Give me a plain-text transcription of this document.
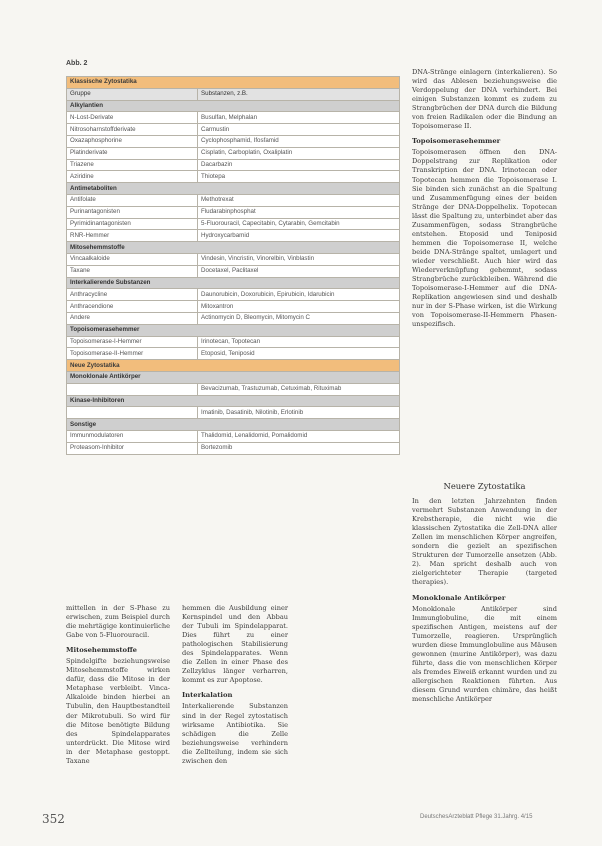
Abb. 2
Klassische Zytostatika	
Gruppe	Substanzen, z.B.
Alkylantien	
N-Lost-Derivate	Busulfan, Melphalan
Nitrosoharnstoffderivate	Carmustin
Oxazaphosphorine	Cyclophosphamid, Ifosfamid
Platinderivate	Cisplatin, Carboplatin, Oxaliplatin
Triazene	Dacarbazin
Aziridine	Thiotepa
Antimetaboliten	
Antifolate	Methotrexat
Purinantagonisten	Fludarabinphosphat
Pyrimidinantagonisten	5-Fluorouracil, Capecitabin, Cytarabin, Gemcitabin
RNR-Hemmer	Hydroxycarbamid
Mitosehemmstoffe	
Vincaalkaloide	Vindesin, Vincristin, Vinorelbin, Vinblastin
Taxane	Docetaxel, Paclitaxel
Interkalierende Substanzen	
Anthracycline	Daunorubicin, Doxorubicin, Epirubicin, Idarubicin
Anthracendione	Mitoxantron
Andere	Actinomycin D, Bleomycin, Mitomycin C
Topoisomerasehemmer	
Topoisomerase-I-Hemmer	Irinotecan, Topotecan
Topoisomerase-II-Hemmer	Etoposid, Teniposid
Neue Zytostatika	
Monoklonale Antikörper	
	Bevacizumab, Trastuzumab, Cetuximab, Rituximab
Kinase-Inhibitoren	
	Imatinib, Dasatinib, Nilotinib, Erlotinib
Sonstige	
Immunmodulatoren	Thalidomid, Lenalidomid, Pomalidomid
Proteasom-Inhibitor	Bortezomib

DNA-Stränge einlagern (interkalieren). So wird das Ablesen beziehungsweise die Verdoppelung der DNA verhindert. Bei einigen Substanzen kommt es zudem zu Strangbrüchen der DNA durch die Bildung von freien Radikalen oder die Bindung an Topoisomerase II.

Topoisomerasehemmer

Topoisomerasen öffnen den DNA-Doppelstrang zur Replikation oder Transkription der DNA. Irinotecan oder Topotecan hemmen die Topoisomerase I. Sie binden sich zunächst an die Spaltung und Zusammenfügung eines der beiden Stränge der DNA-Doppelhelix. Topotecan lässt die Spaltung zu, unterbindet aber das Zusammenfügen, sodass Strangbrüche entstehen. Etoposid und Teniposid hemmen die Topoisomerase II, welche beide DNA-Stränge spaltet, umlagert und wieder verschließt. Auch hier wird das Wiederverknüpfung gehemmt, sodass Strangbrüche zurückbleiben. Während die Topoisomerase-I-Hemmer auf die DNA-Replikation angewiesen sind und deshalb nur in der S-Phase wirken, ist die Wirkung von Topoisomerase-II-Hemmern Phasen-unspezifisch.

Neuere Zytostatika

In den letzten Jahrzehnten finden vermehrt Substanzen Anwendung in der Krebstherapie, die nicht wie die klassischen Zytostatika die Zell-DNA aller Zellen im menschlichen Körper angreifen, sondern die gezielt an spezifischen Strukturen der Tumorzelle ansetzen (Abb. 2). Man spricht deshalb auch von zielgerichteter Therapie (targeted therapies).

Monoklonale Antikörper

Monoklonale Antikörper sind Immunglobuline, die mit einem spezifischen Antigen, meistens auf der Tumorzelle, reagieren. Ursprünglich wurden diese Immunglobuline aus Mäusen gewonnen (murine Antikörper), was dazu führte, dass die von menschlichen Körper als fremdes Eiweiß erkannt wurden und zu allergischen Reaktionen führten. Aus diesem Grund wurden chimäre, das heißt menschliche Antikörper

mittellen in der S-Phase zu erwischen, zum Beispiel durch die mehrtägige kontinuierliche Gabe von 5-Fluorouracil.

Mitosehemmstoffe

Spindelgifte beziehungsweise Mitosehemmstoffe wirken dafür, dass die Mitose in der Metaphase verbleibt. Vinca-Alkaloide binden hierbei an Tubulin, den Hauptbestandteil der Mikrotubuli. So wird für die Mitose benötigte Bildung des Spindelapparates unterdrückt. Die Mitose wird in der Metaphase gestoppt. Taxane

hemmen die Ausbildung einer Kernspindel und den Abbau der Tubuli im Spindelapparat. Dies führt zu einer pathologischen Stabilisierung des Spindelapparates. Wenn die Zellen in einer Phase des Zellzyklus länger verharren, kommt es zur Apoptose.

Interkalation

Interkalierende Substanzen sind in der Regel zytostatisch wirksame Antibiotika. Sie schädigen die Zelle beziehungsweise verhindern die Zellteilung, indem sie sich zwischen den

352	DeutschesArzteblatt Pflege 31.Jahrg. 4/15
